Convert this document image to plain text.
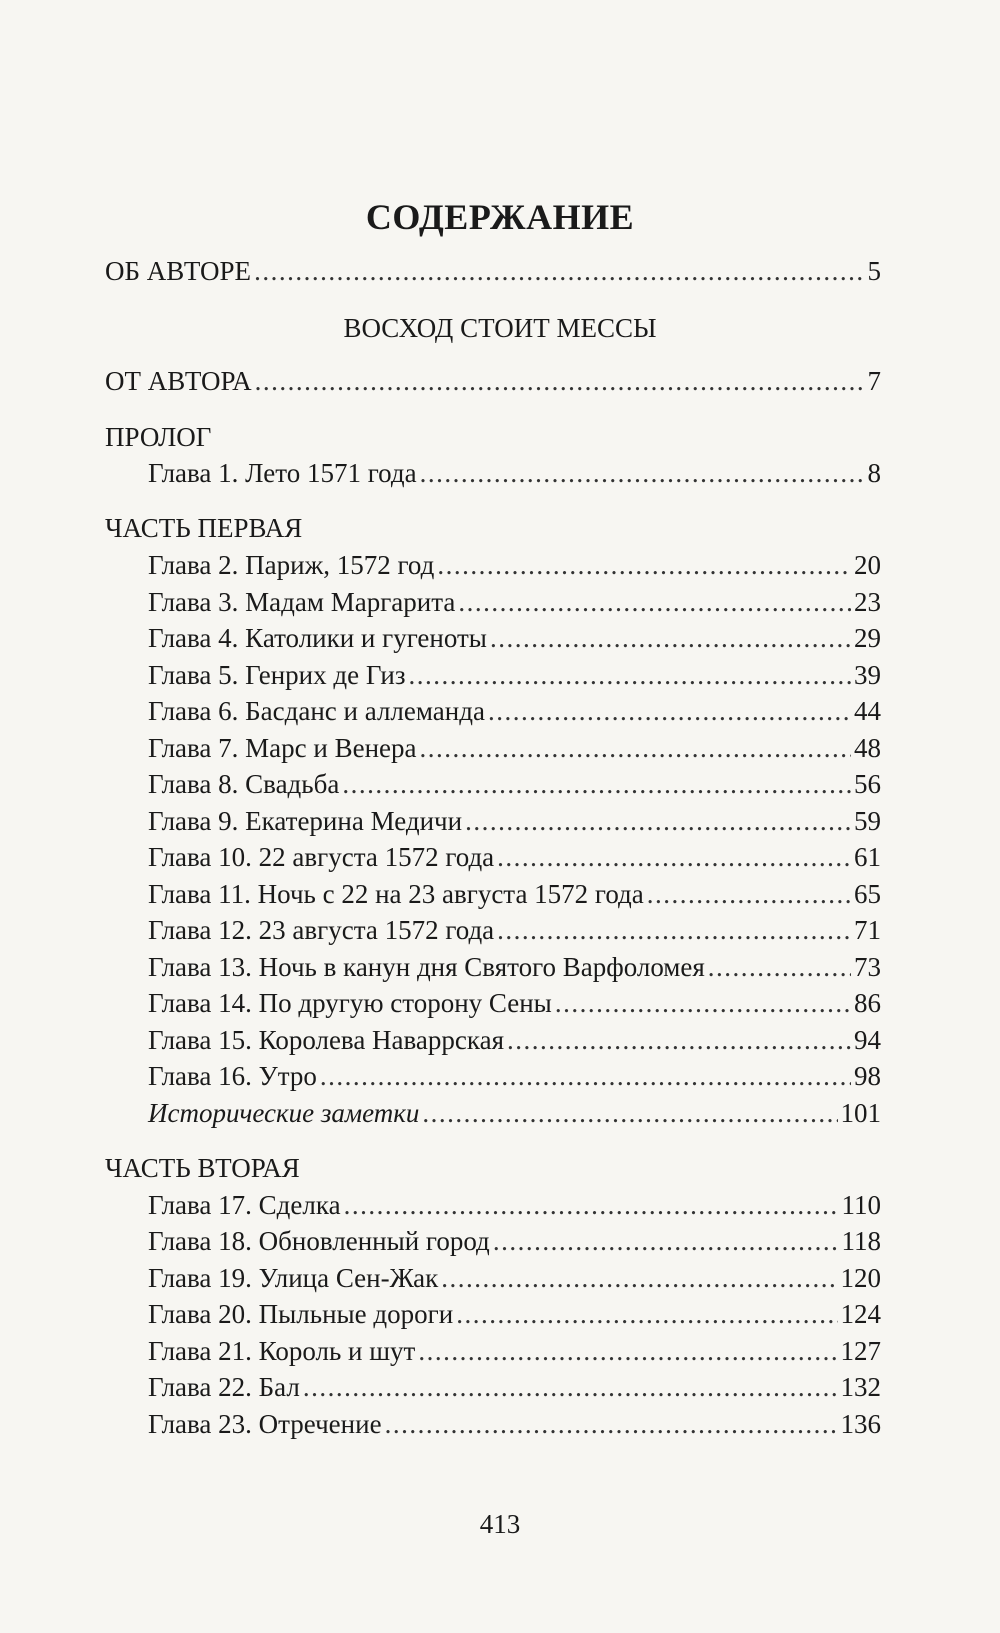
СОДЕРЖАНИЕ
ОБ АВТОРЕ .....	5
ВОСХОД СТОИТ МЕССЫ
ОТ АВТОРА .....	7
ПРОЛОГ
Глава 1. Лето 1571 года .....	8
ЧАСТЬ ПЕРВАЯ
Глава 2. Париж, 1572 год .....	20
Глава 3. Мадам Маргарита .....	23
Глава 4. Католики и гугеноты .....	29
Глава 5. Генрих де Гиз .....	39
Глава 6. Басданс и аллеманда .....	44
Глава 7. Марс и Венера .....	48
Глава 8. Свадьба .....	56
Глава 9. Екатерина Медичи .....	59
Глава 10. 22 августа 1572 года .....	61
Глава 11. Ночь с 22 на 23 августа 1572 года .....	65
Глава 12. 23 августа 1572 года .....	71
Глава 13. Ночь в канун дня Святого Варфоломея .....	73
Глава 14. По другую сторону Сены .....	86
Глава 15. Королева Наваррская .....	94
Глава 16. Утро .....	98
Исторические заметки .....	101
ЧАСТЬ ВТОРАЯ
Глава 17. Сделка .....	110
Глава 18. Обновленный город .....	118
Глава 19. Улица Сен-Жак .....	120
Глава 20. Пыльные дороги .....	124
Глава 21. Король и шут .....	127
Глава 22. Бал .....	132
Глава 23. Отречение .....	136
413
